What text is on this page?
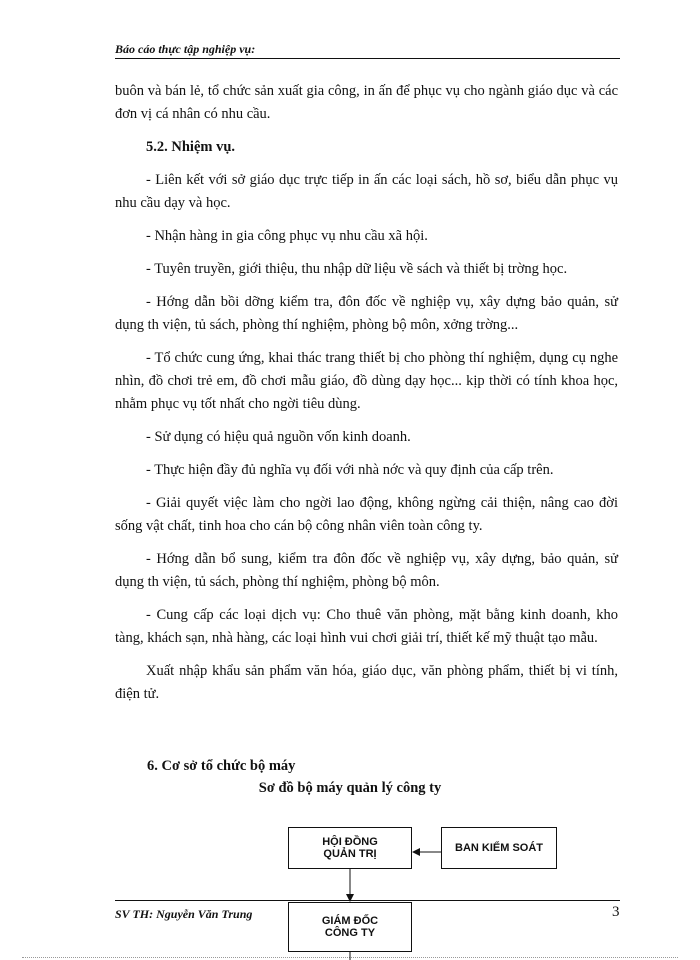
Báo cáo thực tập nghiệp vụ:

buôn và bán lẻ, tổ chức sản xuất gia công, in ấn để phục vụ cho ngành giáo dục và các đơn vị cá nhân có nhu cầu.

5.2. Nhiệm vụ.

- Liên kết với sở giáo dục trực tiếp in ấn các loại sách, hồ sơ, biểu dẫn phục vụ nhu cầu dạy và học.

- Nhận hàng in gia công phục vụ nhu cầu xã hội.

- Tuyên truyền, giới thiệu, thu nhập dữ liệu về sách và thiết bị trờng học.

- Hớng dẫn bồi dỡng kiểm tra, đôn đốc về nghiệp vụ, xây dựng bảo quản, sử dụng th viện, tủ sách, phòng thí nghiệm, phòng bộ môn, xởng trờng...

- Tổ chức cung ứng, khai thác trang thiết bị cho phòng thí nghiệm, dụng cụ nghe nhìn, đồ chơi trẻ em, đồ chơi mẫu giáo, đồ dùng dạy học... kịp thời có tính khoa học, nhằm phục vụ tốt nhất cho ngời tiêu dùng.

- Sử dụng có hiệu quả nguồn vốn kinh doanh.

- Thực hiện đầy đủ nghĩa vụ đối với nhà nớc và quy định của cấp trên.

- Giải quyết việc làm cho ngời lao động, không ngừng cải thiện, nâng cao đời sống vật chất, tinh hoa cho cán bộ công nhân viên toàn công ty.

- Hớng dẫn bổ sung, kiểm tra đôn đốc về nghiệp vụ, xây dựng, bảo quản, sử dụng th viện, tủ sách, phòng thí nghiệm, phòng bộ môn.

- Cung cấp các loại dịch vụ: Cho thuê văn phòng, mặt bằng kinh doanh, kho tàng, khách sạn, nhà hàng, các loại hình vui chơi giải trí, thiết kế mỹ thuật tạo mẫu.

Xuất nhập khẩu sản phẩm văn hóa, giáo dục, văn phòng phẩm, thiết bị vi tính, điện tử.

6. Cơ sở tổ chức bộ máy
Sơ đồ bộ máy quản lý công ty
HỘI ĐỒNG
QUẢN TRỊ	BAN KIỂM SOÁT
SV TH: Nguyễn Văn Trung	3
GIÁM ĐỐC
CÔNG TY
